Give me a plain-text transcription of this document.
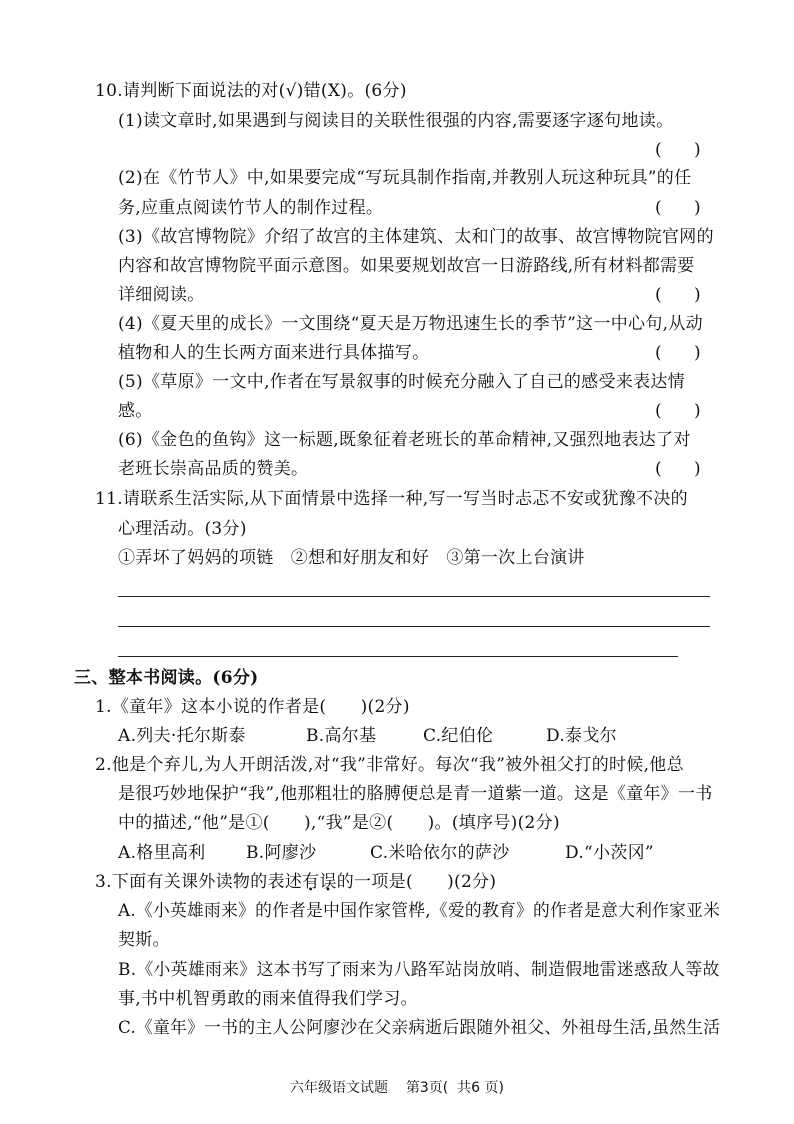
10.请判断下面说法的对(√)错(X)。(6分)
(1)读文章时,如果遇到与阅读目的关联性很强的内容,需要逐字逐句地读。
(      )
(2)在《竹节人》中,如果要完成“写玩具制作指南,并教别人玩这种玩具”的任
务,应重点阅读竹节人的制作过程。	(      )
(3)《故宫博物院》介绍了故宫的主体建筑、太和门的故事、故宫博物院官网的
内容和故宫博物院平面示意图。如果要规划故宫一日游路线,所有材料都需要
详细阅读。	(      )
(4)《夏天里的成长》一文围绕“夏天是万物迅速生长的季节”这一中心句,从动
植物和人的生长两方面来进行具体描写。	(      )
(5)《草原》一文中,作者在写景叙事的时候充分融入了自己的感受来表达情
感。	(      )
(6)《金色的鱼钩》这一标题,既象征着老班长的革命精神,又强烈地表达了对
老班长崇高品质的赞美。	(      )
11.请联系生活实际,从下面情景中选择一种,写一写当时忐忑不安或犹豫不决的
心理活动。(3分)
①弄坏了妈妈的项链   ②想和好朋友和好   ③第一次上台演讲
三、整本书阅读。(6分)
1.《童年》这本小说的作者是(      )(2分)
A.列夫·托尔斯泰	B.高尔基	C.纪伯伦	D.泰戈尔
2.他是个弃儿,为人开朗活泼,对“我”非常好。每次“我”被外祖父打的时候,他总
是很巧妙地保护“我”,他那粗壮的胳膊便总是青一道紫一道。这是《童年》一书
中的描述,“他”是①(      ),“我”是②(      )。(填序号)(2分)
A.格里高利 B.阿廖沙	C.米哈依尔的萨沙	D.“小茨冈”
3.下面有关课外读物的表述有误的一项是(      )(2分)
A.《小英雄雨来》的作者是中国作家管桦,《爱的教育》的作者是意大利作家亚米
契斯。
B.《小英雄雨来》这本书写了雨来为八路军站岗放哨、制造假地雷迷惑敌人等故
事,书中机智勇敢的雨来值得我们学习。
C.《童年》一书的主人公阿廖沙在父亲病逝后跟随外祖父、外祖母生活,虽然生活
六年级语文试题    第3页(  共6 页)
